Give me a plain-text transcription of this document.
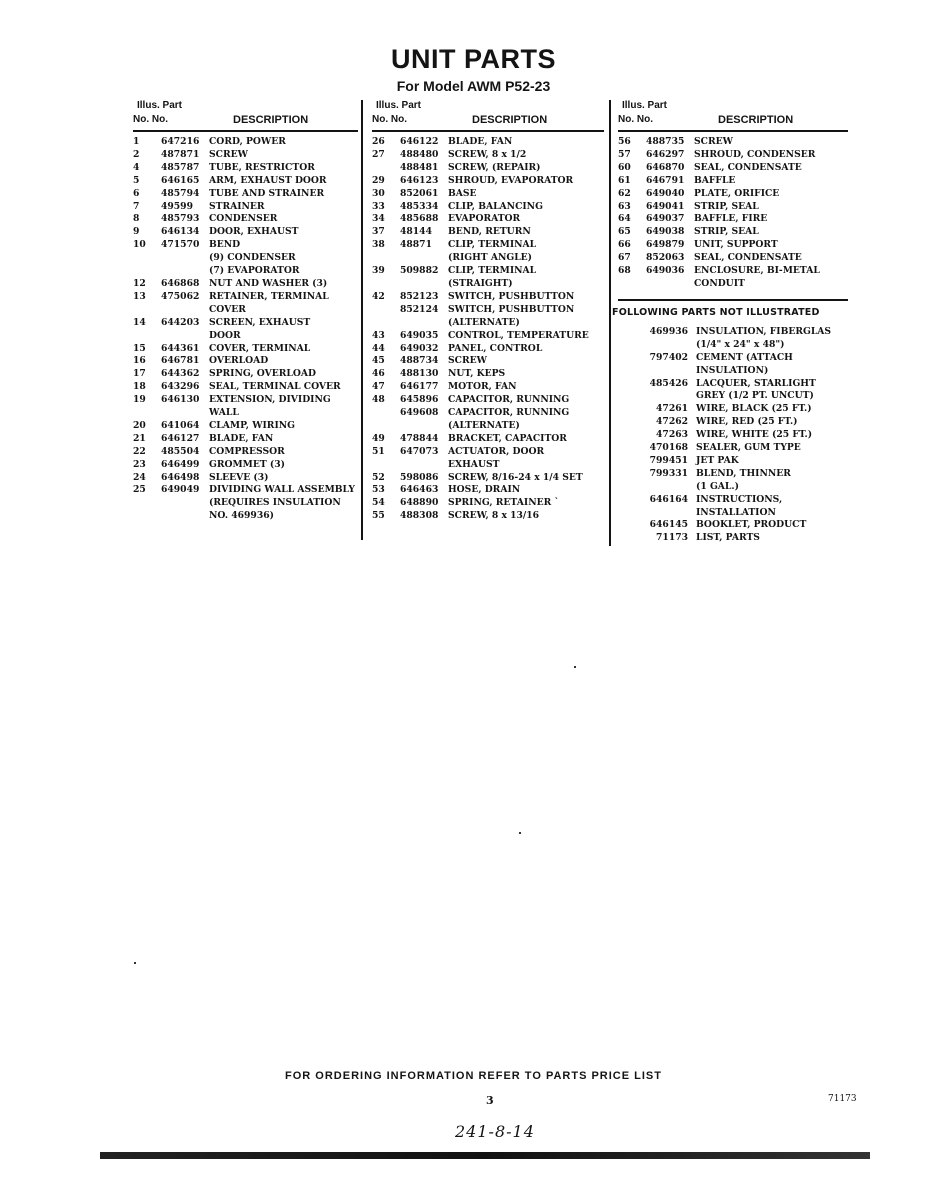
UNIT PARTS
For Model AWM P52-23
Illus. Part
No. No.	DESCRIPTION
1	647216	CORD, POWER
2	487871	SCREW
4	485787	TUBE, RESTRICTOR
5	646165	ARM, EXHAUST DOOR
6	485794	TUBE AND STRAINER
7	49599	STRAINER
8	485793	CONDENSER
9	646134	DOOR, EXHAUST
10	471570	BEND
(9) CONDENSER
(7) EVAPORATOR
12	646868	NUT AND WASHER (3)
13	475062	RETAINER, TERMINAL
COVER
14	644203	SCREEN, EXHAUST
DOOR
15	644361	COVER, TERMINAL
16	646781	OVERLOAD
17	644362	SPRING, OVERLOAD
18	643296	SEAL, TERMINAL COVER
19	646130	EXTENSION, DIVIDING
WALL
20	641064	CLAMP, WIRING
21	646127	BLADE, FAN
22	485504	COMPRESSOR
23	646499	GROMMET (3)
24	646498	SLEEVE (3)
25	649049	DIVIDING WALL ASSEMBLY
(REQUIRES INSULATION
NO. 469936)
Illus. Part
No. No.	DESCRIPTION
26	646122	BLADE, FAN
27	488480	SCREW, 8 x 1/2
488481	SCREW, (REPAIR)
29	646123	SHROUD, EVAPORATOR
30	852061	BASE
33	485334	CLIP, BALANCING
34	485688	EVAPORATOR
37	48144	BEND, RETURN
38	48871	CLIP, TERMINAL
(RIGHT ANGLE)
39	509882	CLIP, TERMINAL
(STRAIGHT)
42	852123	SWITCH, PUSHBUTTON
852124	SWITCH, PUSHBUTTON
(ALTERNATE)
43	649035	CONTROL, TEMPERATURE
44	649032	PANEL, CONTROL
45	488734	SCREW
46	488130	NUT, KEPS
47	646177	MOTOR, FAN
48	645896	CAPACITOR, RUNNING
649608	CAPACITOR, RUNNING
(ALTERNATE)
49	478844	BRACKET, CAPACITOR
51	647073	ACTUATOR, DOOR
EXHAUST
52	598086	SCREW, 8/16-24 x 1/4 SET
53	646463	HOSE, DRAIN
54	648890	SPRING, RETAINER `
55	488308	SCREW, 8 x 13/16
Illus. Part
No. No.	DESCRIPTION
56	488735	SCREW
57	646297	SHROUD, CONDENSER
60	646870	SEAL, CONDENSATE
61	646791	BAFFLE
62	649040	PLATE, ORIFICE
63	649041	STRIP, SEAL
64	649037	BAFFLE, FIRE
65	649038	STRIP, SEAL
66	649879	UNIT, SUPPORT
67	852063	SEAL, CONDENSATE
68	649036	ENCLOSURE, BI-METAL
CONDUIT
FOLLOWING PARTS NOT ILLUSTRATED
469936 INSULATION, FIBERGLAS
(1/4" x 24" x 48")
797402 CEMENT (ATTACH
INSULATION)
485426 LACQUER, STARLIGHT
GREY (1/2 PT. UNCUT)
47261 WIRE, BLACK (25 FT.)
47262 WIRE, RED (25 FT.)
47263 WIRE, WHITE (25 FT.)
470168 SEALER, GUM TYPE
799451 JET PAK
799331 BLEND, THINNER
(1 GAL.)
646164 INSTRUCTIONS,
INSTALLATION
646145 BOOKLET, PRODUCT
71173 LIST, PARTS
FOR ORDERING INFORMATION REFER TO PARTS PRICE LIST
3	71173
241-8-14
